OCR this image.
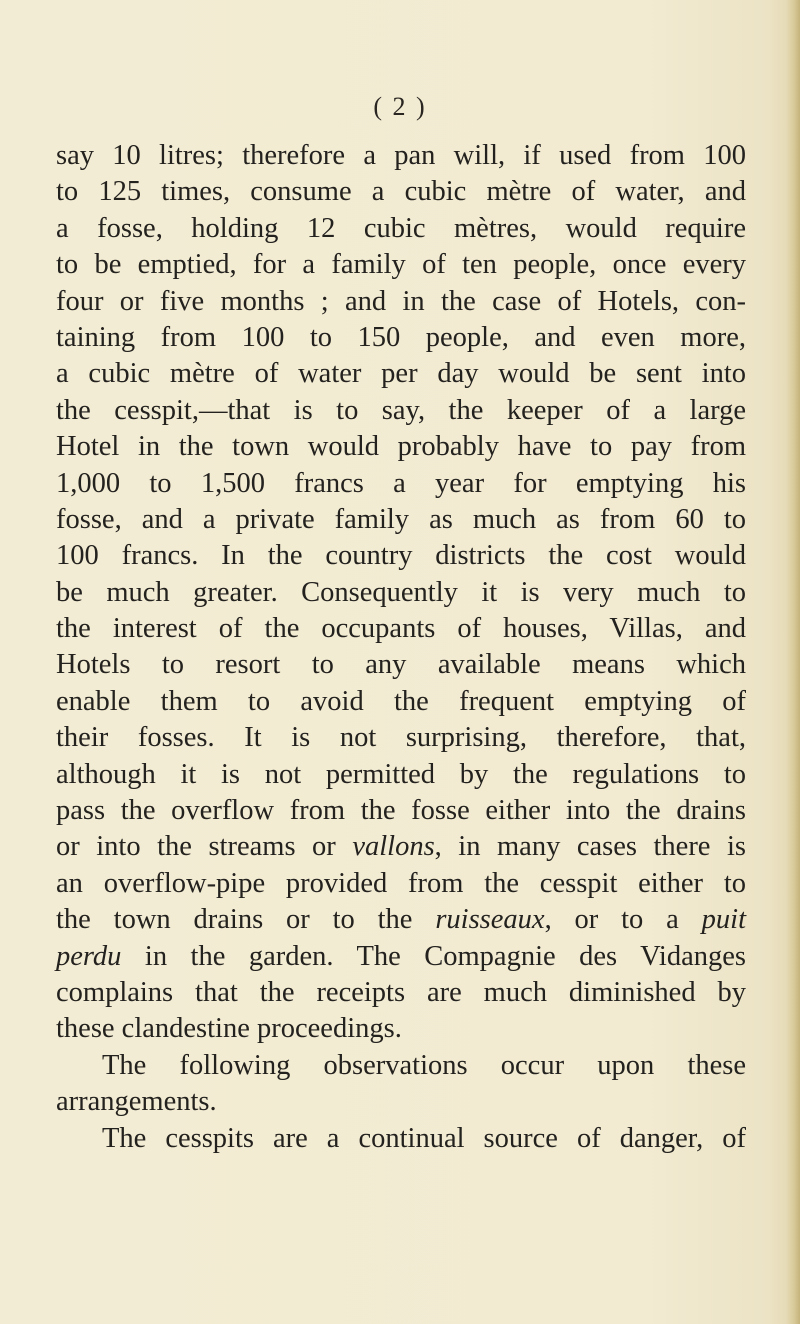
( 2 )
say 10 litres; therefore a pan will, if used from 100
to 125 times, consume a cubic mètre of water, and
a fosse, holding 12 cubic mètres, would require
to be emptied, for a family of ten people, once every
four or five months ; and in the case of Hotels, con-
taining from 100 to 150 people, and even more,
a cubic mètre of water per day would be sent into
the cesspit,—that is to say, the keeper of a large
Hotel in the town would probably have to pay from
1,000 to 1,500 francs a year for emptying his
fosse, and a private family as much as from 60 to
100 francs. In the country districts the cost would
be much greater. Consequently it is very much to
the interest of the occupants of houses, Villas, and
Hotels to resort to any available means which
enable them to avoid the frequent emptying of
their fosses. It is not surprising, therefore, that,
although it is not permitted by the regulations to
pass the overflow from the fosse either into the drains
or into the streams or vallons, in many cases there is
an overflow-pipe provided from the cesspit either to
the town drains or to the ruisseaux, or to a puit
perdu in the garden. The Compagnie des Vidanges
complains that the receipts are much diminished by
these clandestine proceedings.
The following observations occur upon these
arrangements.
The cesspits are a continual source of danger, of
